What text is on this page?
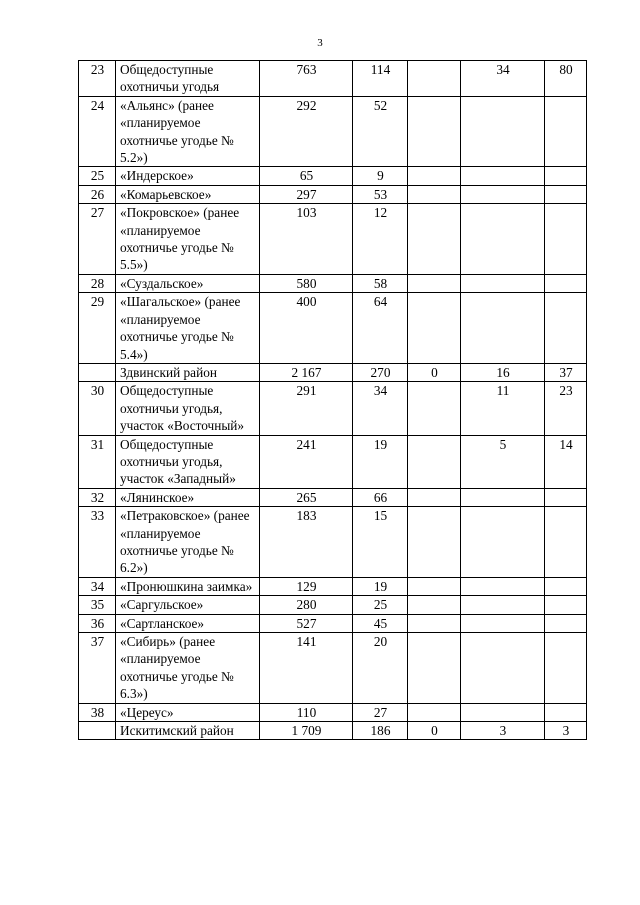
3
23	Общедоступные охотничьи угодья	763	114		34	80
24	«Альянс» (ранее «планируемое охотничье угодье № 5.2»)	292	52			
25	«Индерское»	65	9			
26	«Комарьевское»	297	53			
27	«Покровское» (ранее «планируемое охотничье угодье № 5.5»)	103	12			
28	«Суздальское»	580	58			
29	«Шагальское» (ранее «планируемое охотничье угодье № 5.4»)	400	64			
	Здвинский район	2 167	270	0	16	37
30	Общедоступные охотничьи угодья, участок «Восточный»	291	34		11	23
31	Общедоступные охотничьи угодья, участок «Западный»	241	19		5	14
32	«Лянинское»	265	66			
33	«Петраковское» (ранее «планируемое охотничье угодье № 6.2»)	183	15			
34	«Пронюшкина заимка»	129	19			
35	«Саргульское»	280	25			
36	«Сартланское»	527	45			
37	«Сибирь» (ранее «планируемое охотничье угодье № 6.3»)	141	20			
38	«Цереус»	110	27			
	Искитимский район	1 709	186	0	3	3
